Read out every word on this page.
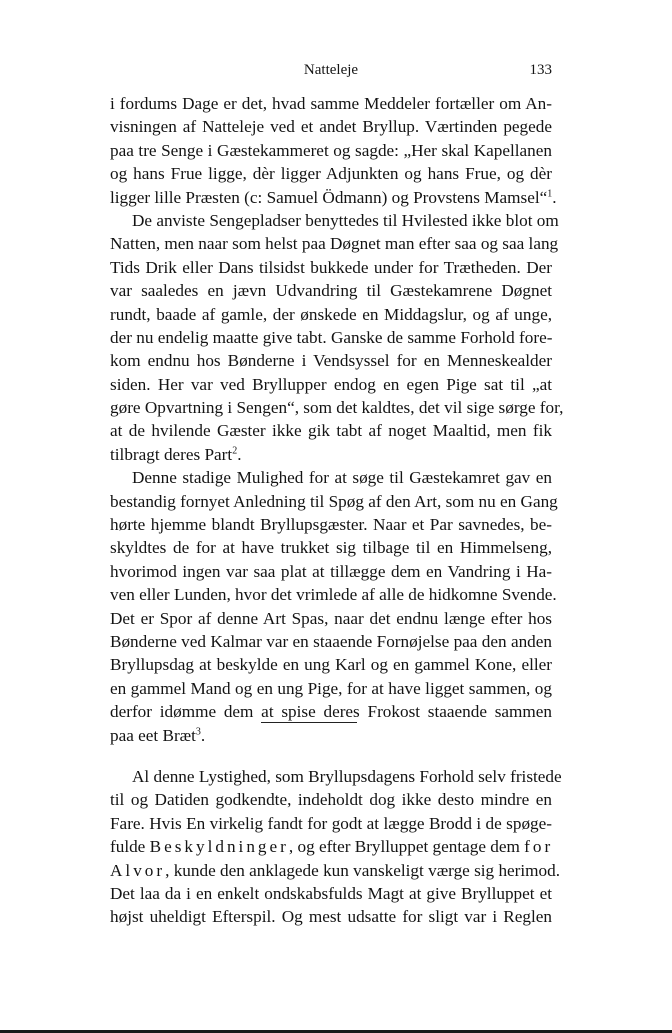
Natteleje	133
i fordums Dage er det, hvad samme Meddeler fortæller om An-
visningen af Natteleje ved et andet Bryllup. Værtinden pegede
paa tre Senge i Gæstekammeret og sagde: „Her skal Kapellanen
og hans Frue ligge, dèr ligger Adjunkten og hans Frue, og dèr
ligger lille Præsten (c: Samuel Ödmann) og Provstens Mamsel“$^1$.
De anviste Sengepladser benyttedes til Hvilested ikke blot om
Natten, men naar som helst paa Døgnet man efter saa og saa lang
Tids Drik eller Dans tilsidst bukkede under for Trætheden. Der
var saaledes en jævn Udvandring til Gæstekamrene Døgnet
rundt, baade af gamle, der ønskede en Middagslur, og af unge,
der nu endelig maatte give tabt. Ganske de samme Forhold fore-
kom endnu hos Bønderne i Vendsyssel for en Menneskealder
siden. Her var ved Bryllupper endog en egen Pige sat til „at
gøre Opvartning i Sengen“, som det kaldtes, det vil sige sørge for,
at de hvilende Gæster ikke gik tabt af noget Maaltid, men fik
tilbragt deres Part$^2$.
Denne stadige Mulighed for at søge til Gæstekamret gav en
bestandig fornyet Anledning til Spøg af den Art, som nu en Gang
hørte hjemme blandt Bryllupsgæster. Naar et Par savnedes, be-
skyldtes de for at have trukket sig tilbage til en Himmelseng,
hvorimod ingen var saa plat at tillægge dem en Vandring i Ha-
ven eller Lunden, hvor det vrimlede af alle de hidkomne Svende.
Det er Spor af denne Art Spas, naar det endnu længe efter hos
Bønderne ved Kalmar var en staaende Fornøjelse paa den anden
Bryllupsdag at beskylde en ung Karl og en gammel Kone, eller
en gammel Mand og en ung Pige, for at have ligget sammen, og
derfor idømme dem at spise deres Frokost staaende sammen
paa eet Bræt$^3$.
Al denne Lystighed, som Bryllupsdagens Forhold selv fristede
til og Datiden godkendte, indeholdt dog ikke desto mindre en
Fare. Hvis En virkelig fandt for godt at lægge Brodd i de spøge-
fulde Beskyldninger, og efter Brylluppet gentage dem for
Alvor, kunde den anklagede kun vanskeligt værge sig herimod.
Det laa da i en enkelt ondskabsfulds Magt at give Brylluppet et
højst uheldigt Efterspil. Og mest udsatte for sligt var i Reglen
